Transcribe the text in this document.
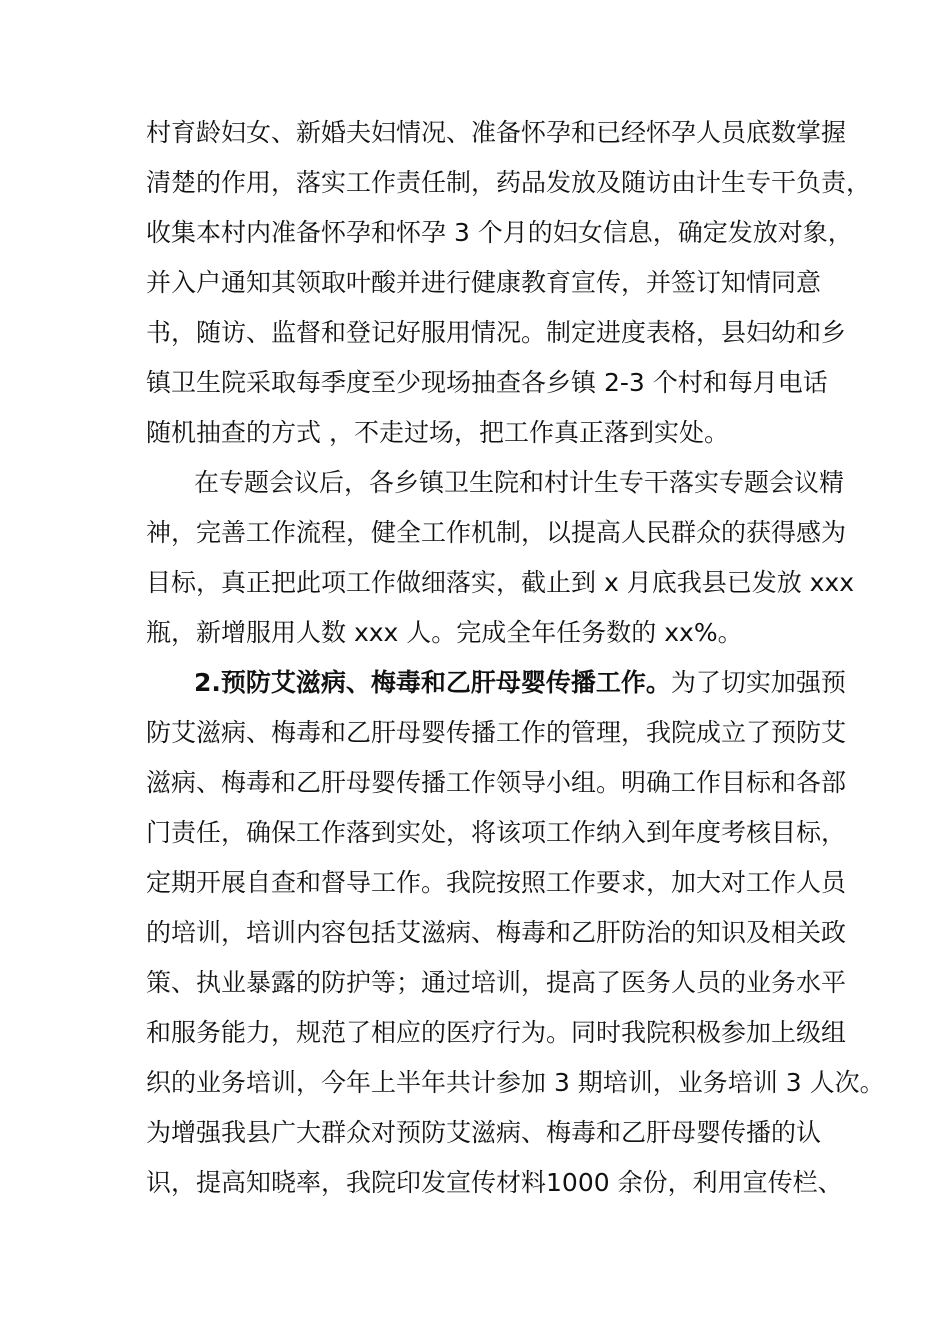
村育龄妇女、新婚夫妇情况、准备怀孕和已经怀孕人员底数掌握
清楚的作用，落实工作责任制，药品发放及随访由计生专干负责，
收集本村内准备怀孕和怀孕 3 个月的妇女信息，确定发放对象，
并入户通知其领取叶酸并进行健康教育宣传，并签订知情同意
书，随访、监督和登记好服用情况。制定进度表格，县妇幼和乡
镇卫生院采取每季度至少现场抽查各乡镇 2-3 个村和每月电话
随机抽查的方式 ，不走过场，把工作真正落到实处。
在专题会议后，各乡镇卫生院和村计生专干落实专题会议精
神，完善工作流程，健全工作机制，以提高人民群众的获得感为
目标，真正把此项工作做细落实，截止到 x 月底我县已发放 xxx
瓶，新增服用人数 xxx 人。完成全年任务数的 xx%。
2.预防艾滋病、梅毒和乙肝母婴传播工作。为了切实加强预
防艾滋病、梅毒和乙肝母婴传播工作的管理，我院成立了预防艾
滋病、梅毒和乙肝母婴传播工作领导小组。明确工作目标和各部
门责任，确保工作落到实处，将该项工作纳入到年度考核目标，
定期开展自查和督导工作。我院按照工作要求，加大对工作人员
的培训，培训内容包括艾滋病、梅毒和乙肝防治的知识及相关政
策、执业暴露的防护等；通过培训，提高了医务人员的业务水平
和服务能力，规范了相应的医疗行为。同时我院积极参加上级组
织的业务培训，今年上半年共计参加 3 期培训，业务培训 3 人次。
为增强我县广大群众对预防艾滋病、梅毒和乙肝母婴传播的认
识，提高知晓率，我院印发宣传材料1000 余份，利用宣传栏、
